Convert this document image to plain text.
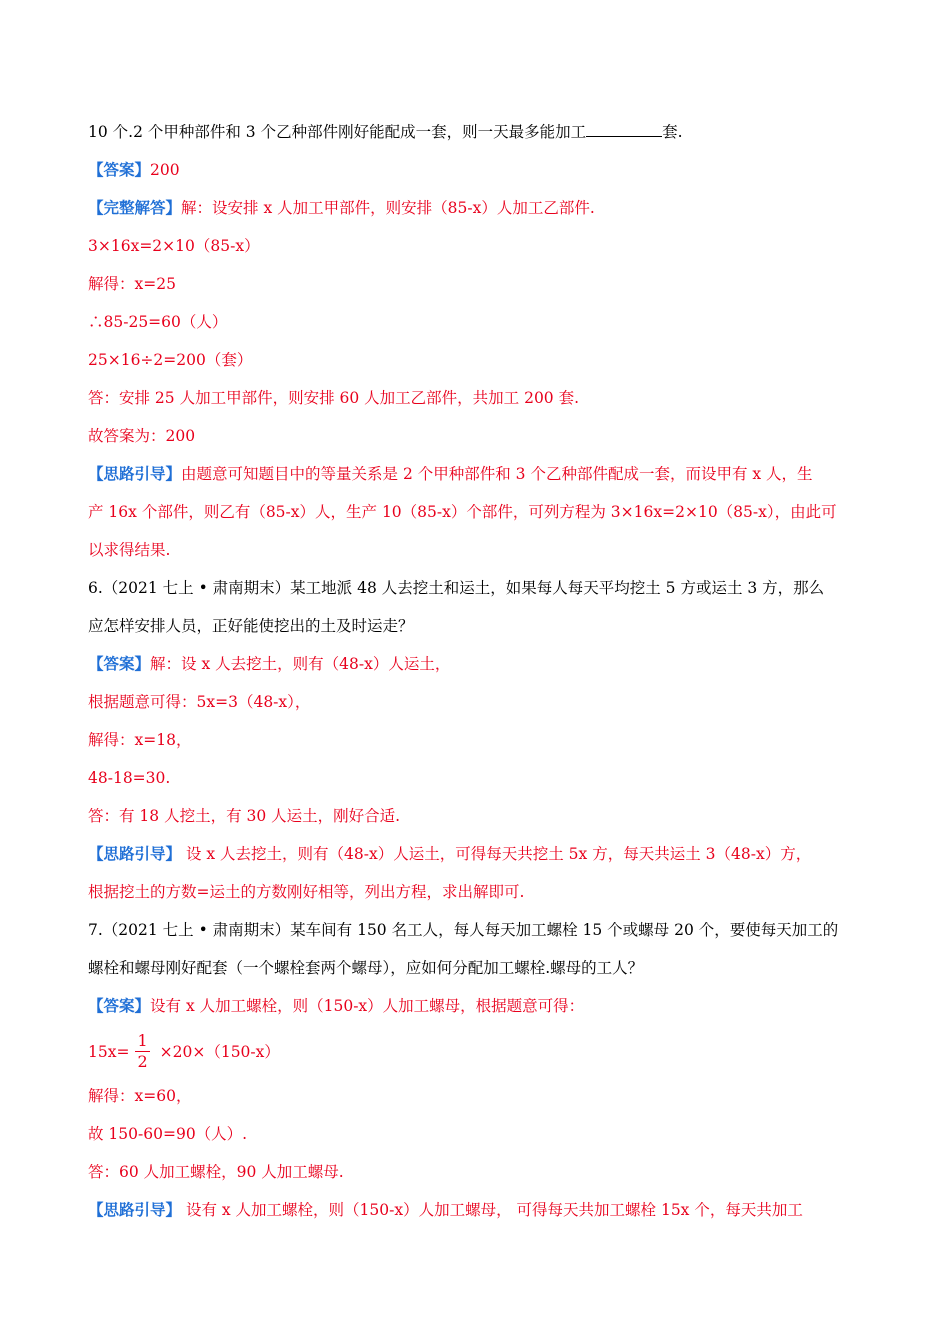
10 个.2 个甲种部件和 3 个乙种部件刚好能配成一套，则一天最多能加工	套.
【答案】200
【完整解答】解：设安排 x 人加工甲部件，则安排（85-x）人加工乙部件.
3×16x=2×10（85-x）
解得：x=25
∴85-25=60（人）
25×16÷2=200（套）
答：安排 25 人加工甲部件，则安排 60 人加工乙部件，共加工 200 套.
故答案为：200
【思路引导】由题意可知题目中的等量关系是 2 个甲种部件和 3 个乙种部件配成一套，而设甲有 x 人，生
产 16x 个部件，则乙有（85-x）人，生产 10（85-x）个部件，可列方程为 3×16x=2×10（85-x），由此可
以求得结果.
6.（2021 七上 • 肃南期末）某工地派 48 人去挖土和运土，如果每人每天平均挖土 5 方或运土 3 方，那么
应怎样安排人员，正好能使挖出的土及时运走？
【答案】解：设 x 人去挖土，则有（48-x）人运土，
根据题意可得：5x=3（48-x），
解得：x=18，
48-18=30.
答：有 18 人挖土，有 30 人运土，刚好合适.
【思路引导】 设 x 人去挖土，则有（48-x）人运土，可得每天共挖土 5x 方，每天共运土 3（48-x）方，
根据挖土的方数=运土的方数刚好相等，列出方程，求出解即可.
7.（2021 七上 • 肃南期末）某车间有 150 名工人，每人每天加工螺栓 15 个或螺母 20 个，要使每天加工的
螺栓和螺母刚好配套（一个螺栓套两个螺母），应如何分配加工螺栓.螺母的工人？
【答案】设有 x 人加工螺栓，则（150-x）人加工螺母，根据题意可得：
$15x= \frac{1}{2} \times 20\times(150-x)$
解得：x=60，
故 150-60=90（人）.
答：60 人加工螺栓，90 人加工螺母.
【思路引导】 设有 x 人加工螺栓，则（150-x）人加工螺母， 可得每天共加工螺栓 15x 个，每天共加工
